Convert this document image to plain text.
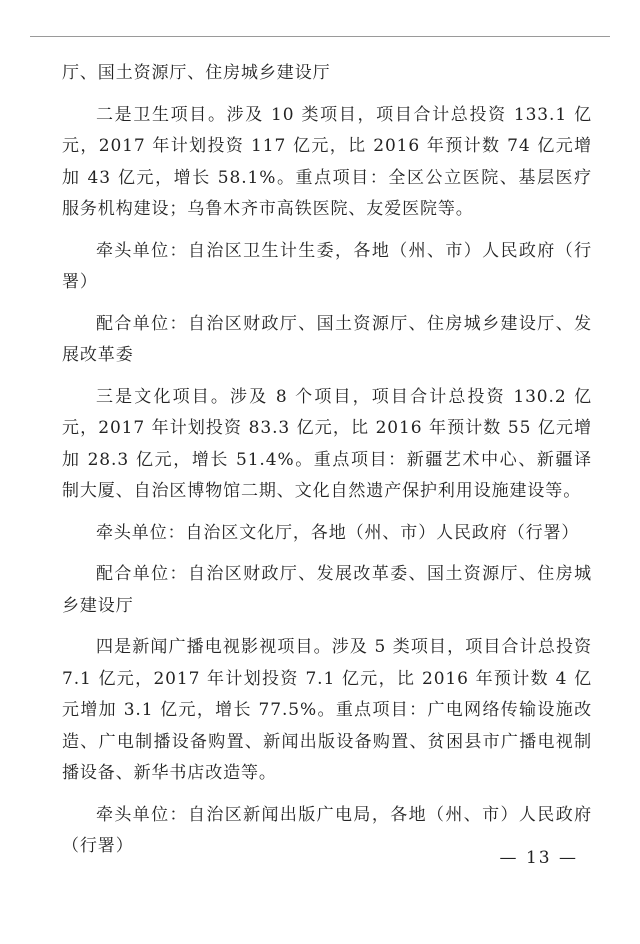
厅、国土资源厅、住房城乡建设厅

二是卫生项目。涉及 10 类项目，项目合计总投资 133.1 亿元，2017 年计划投资 117 亿元，比 2016 年预计数 74 亿元增加 43 亿元，增长 58.1%。重点项目：全区公立医院、基层医疗服务机构建设；乌鲁木齐市高铁医院、友爱医院等。

牵头单位：自治区卫生计生委，各地（州、市）人民政府（行署）

配合单位：自治区财政厅、国土资源厅、住房城乡建设厅、发展改革委

三是文化项目。涉及 8 个项目，项目合计总投资 130.2 亿元，2017 年计划投资 83.3 亿元，比 2016 年预计数 55 亿元增加 28.3 亿元，增长 51.4%。重点项目：新疆艺术中心、新疆译制大厦、自治区博物馆二期、文化自然遗产保护利用设施建设等。

牵头单位：自治区文化厅，各地（州、市）人民政府（行署）

配合单位：自治区财政厅、发展改革委、国土资源厅、住房城乡建设厅

四是新闻广播电视影视项目。涉及 5 类项目，项目合计总投资 7.1 亿元，2017 年计划投资 7.1 亿元，比 2016 年预计数 4 亿元增加 3.1 亿元，增长 77.5%。重点项目：广电网络传输设施改造、广电制播设备购置、新闻出版设备购置、贫困县市广播电视制播设备、新华书店改造等。

牵头单位：自治区新闻出版广电局，各地（州、市）人民政府（行署）

— 13 —
